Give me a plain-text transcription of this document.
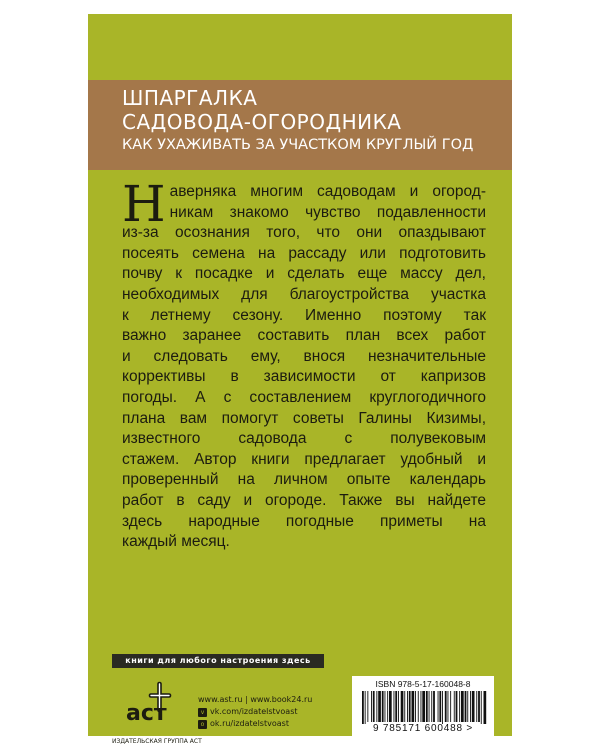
ШПАРГАЛКА
САДОВОДА-ОГОРОДНИКА
КАК УХАЖИВАТЬ ЗА УЧАСТКОМ КРУГЛЫЙ ГОД
Н аверняка многим садоводам и огород-
никам знакомо чувство подавленности
из-за осознания того, что они опаздывают
посеять семена на рассаду или подготовить
почву к посадке и сделать еще массу дел,
необходимых для благоустройства участка
к летнему сезону. Именно поэтому так
важно заранее составить план всех работ
и следовать ему, внося незначительные
коррективы в зависимости от капризов
погоды. А с составлением круглогодичного
плана вам помогут советы Галины Кизимы,
известного садовода с полувековым
стажем. Автор книги предлагает удобный и
проверенный на личном опыте календарь
работ в саду и огороде. Также вы найдете
здесь народные погодные приметы на
каждый месяц.
книги для любого настроения здесь
аст
ИЗДАТЕЛЬСКАЯ ГРУППА АСТ
www.ast.ru | www.book24.ru
v vk.com/izdatelstvoast
o ok.ru/izdatelstvoast
ISBN 978-5-17-160048-8
9 785171 600488 >
